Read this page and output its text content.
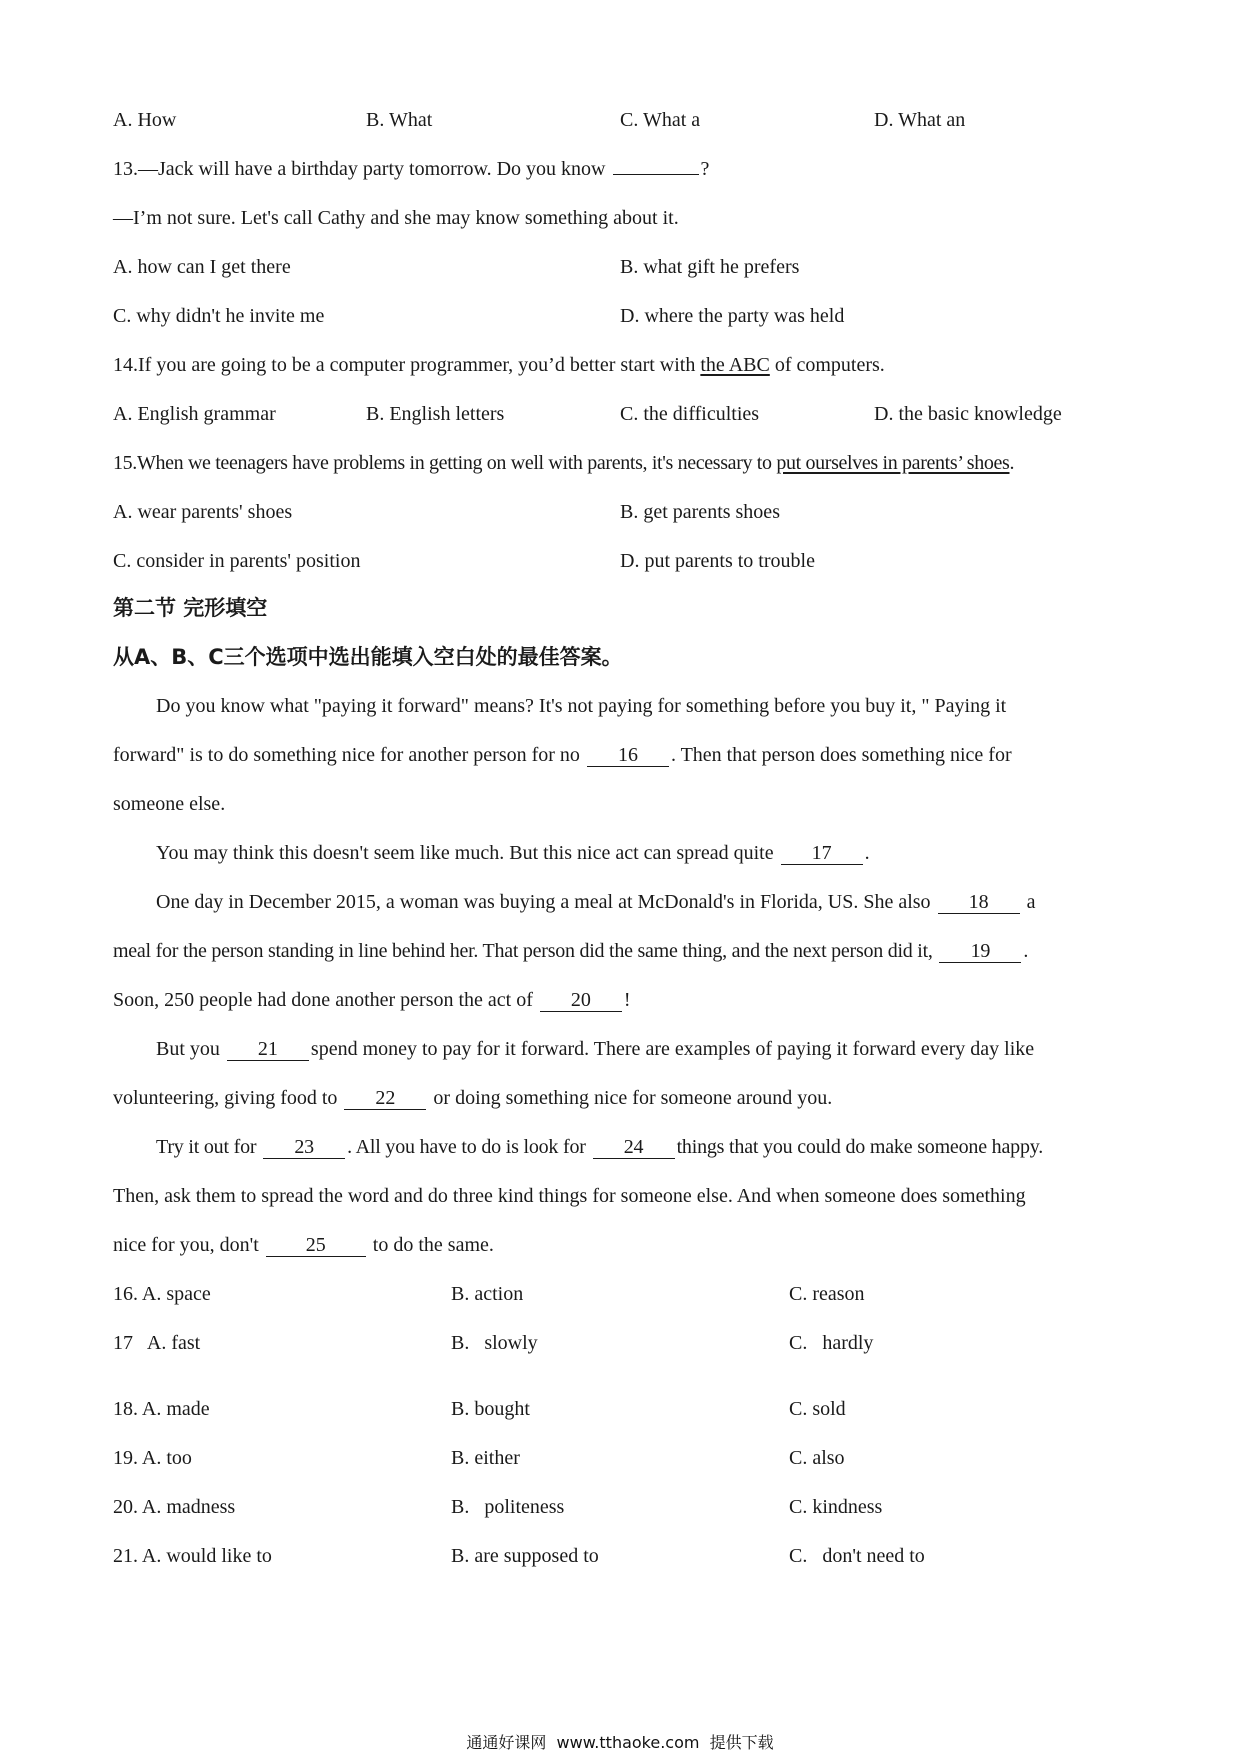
A. How	B. What	C. What a	D. What an
13.—Jack will have a birthday party tomorrow. Do you know	?
—I’m not sure. Let's call Cathy and she may know something about it.
A. how can I get there	B. what gift he prefers
C. why didn't he invite me	D. where the party was held
14.If you are going to be a computer programmer, you’d better start with the ABC of computers.
A. English grammar	B. English letters	C. the difficulties	D. the basic knowledge
15.When we teenagers have problems in getting on well with parents, it's necessary to put ourselves in parents’ shoes.
A. wear parents' shoes	B. get parents shoes
C. consider in parents' position	D. put parents to trouble
第二节 完形填空
从A、B、C三个选项中选出能填入空白处的最佳答案。
Do you know what "paying it forward" means? It's not paying for something before you buy it, " Paying it
forward" is to do something nice for another person for no 16 . Then that person does something nice for
someone else.
You may think this doesn't seem like much. But this nice act can spread quite 17 .
One day in December 2015, a woman was buying a meal at McDonald's in Florida, US. She also 18 a
meal for the person standing in line behind her. That person did the same thing, and the next person did it, 19 .
Soon, 250 people had done another person the act of 20 !
But you 21 spend money to pay for it forward. There are examples of paying it forward every day like
volunteering, giving food to 22 or doing something nice for someone around you.
Try it out for 23 . All you have to do is look for 24 things that you could do make someone happy.
Then, ask them to spread the word and do three kind things for someone else. And when someone does something
nice for you, don't 25 to do the same.
16. A. space	B. action	C. reason
17   A. fast	B.   slowly	C.   hardly
18. A. made	B. bought	C. sold
19. A. too	B. either	C. also
20. A. madness	B.   politeness	C. kindness
21. A. would like to	B. are supposed to	C.   don't need to
通通好课网  www.tthaoke.com  提供下载
